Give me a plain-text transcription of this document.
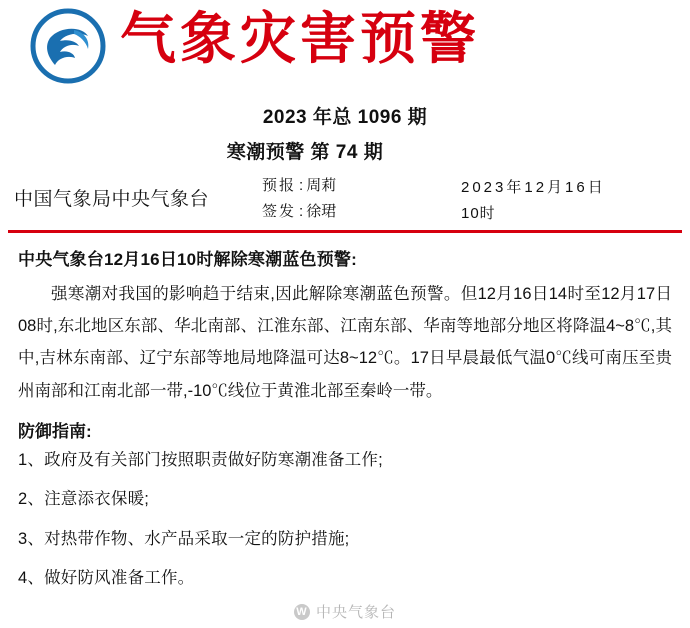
气象灾害预警
2023 年总 1096 期
寒潮预警 第 74 期
中国气象局中央气象台
预报 : 周莉
签发 : 徐珺
2023年12月16日
10时
中央气象台12月16日10时解除寒潮蓝色预警:

强寒潮对我国的影响趋于结束,因此解除寒潮蓝色预警。但12月16日14时至12月17日08时,东北地区东部、华北南部、江淮东部、江南东部、华南等地部分地区将降温4~8℃,其中,吉林东南部、辽宁东部等地局地降温可达8~12℃。17日早晨最低气温0℃线可南压至贵州南部和江南北部一带,-10℃线位于黄淮北部至秦岭一带。

防御指南:
1、政府及有关部门按照职责做好防寒潮准备工作;
2、注意添衣保暖;
3、对热带作物、水产品采取一定的防护措施;
4、做好防风准备工作。
W 中央气象台
